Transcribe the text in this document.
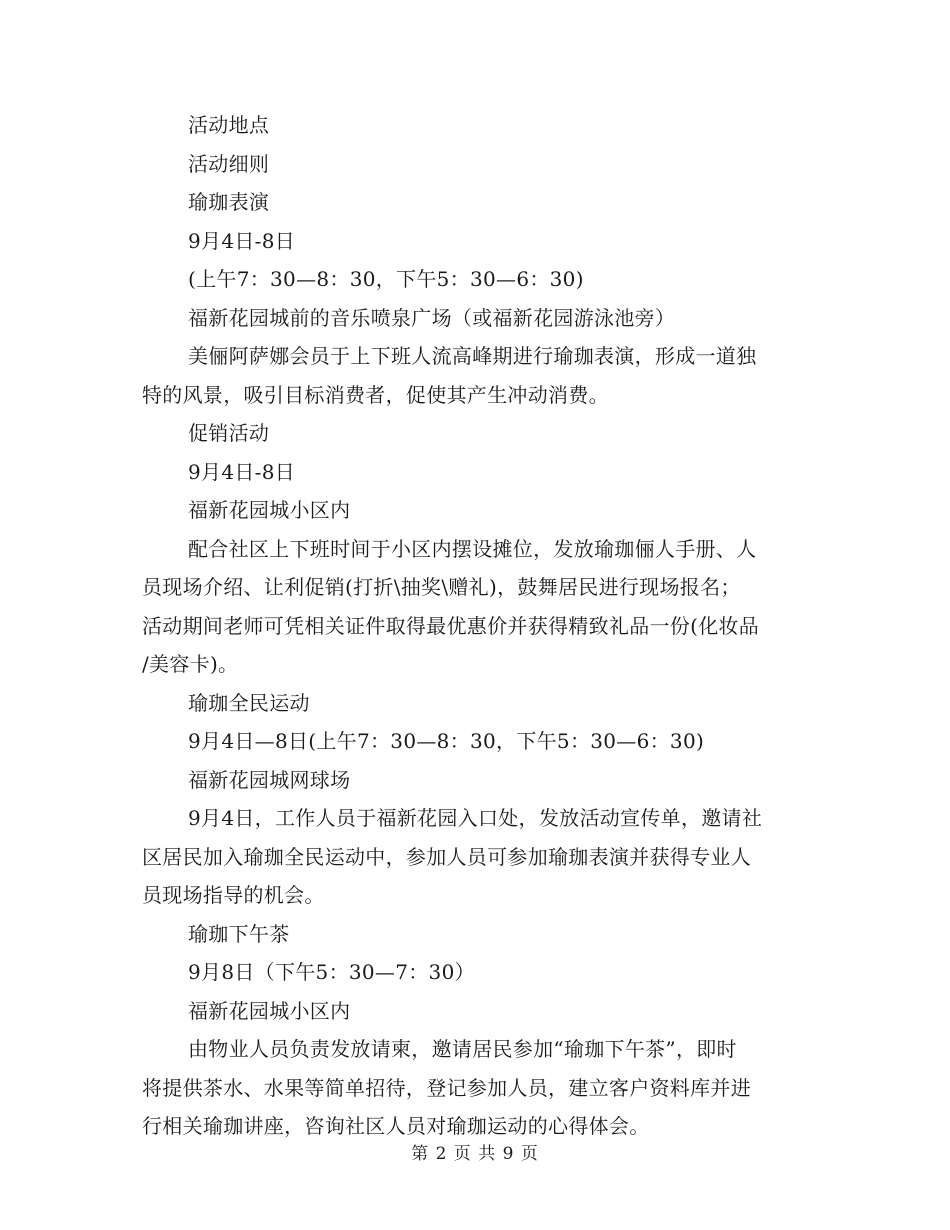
活动地点
活动细则
瑜珈表演
9月4日-8日
(上午7：30—8：30，下午5：30—6：30)
福新花园城前的音乐喷泉广场（或福新花园游泳池旁）
美俪阿萨娜会员于上下班人流高峰期进行瑜珈表演，形成一道独
特的风景，吸引目标消费者，促使其产生冲动消费。
促销活动
9月4日-8日
福新花园城小区内
配合社区上下班时间于小区内摆设摊位，发放瑜珈俪人手册、人
员现场介绍、让利促销(打折\抽奖\赠礼)，鼓舞居民进行现场报名；
活动期间老师可凭相关证件取得最优惠价并获得精致礼品一份(化妆品
/美容卡)。
瑜珈全民运动
9月4日—8日(上午7：30—8：30，下午5：30—6：30)
福新花园城网球场
9月4日，工作人员于福新花园入口处，发放活动宣传单，邀请社
区居民加入瑜珈全民运动中，参加人员可参加瑜珈表演并获得专业人
员现场指导的机会。
瑜珈下午茶
9月8日（下午5：30—7：30）
福新花园城小区内
由物业人员负责发放请柬，邀请居民参加“瑜珈下午茶”，即时
将提供茶水、水果等简单招待，登记参加人员，建立客户资料库并进
行相关瑜珈讲座，咨询社区人员对瑜珈运动的心得体会。
第 2 页 共 9 页
